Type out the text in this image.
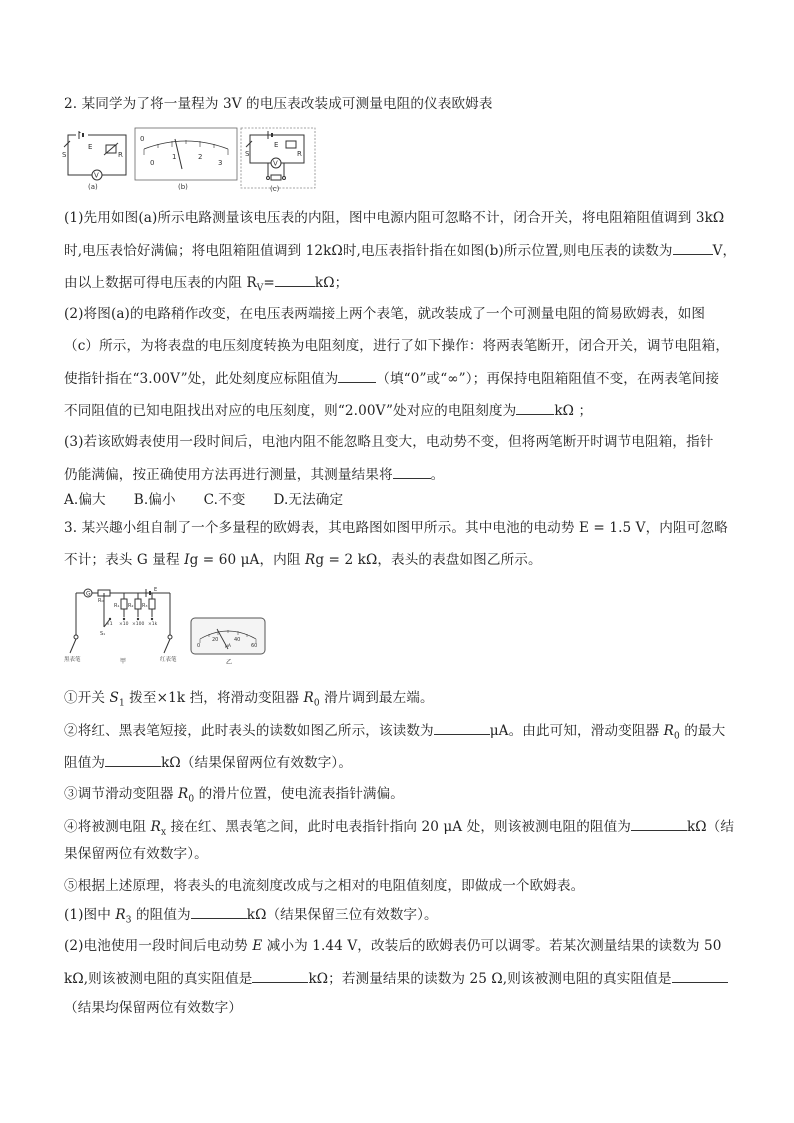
2. 某同学为了将一量程为 3V 的电压表改装成可测量电阻的仪表欧姆表
V
E
S	R
(a)
0
0
1	2
3
(b)
V
E
S	R
(c)
(1)先用如图(a)所示电路测量该电压表的内阻，图中电源内阻可忽略不计，闭合开关，将电阻箱阻值调到 3kΩ
时,电压表恰好满偏；将电阻箱阻值调到 12kΩ时,电压表指针指在如图(b)所示位置,则电压表的读数为	V，
由以上数据可得电压表的内阻 $R_V=$	kΩ；
(2)将图(a)的电路稍作改变，在电压表两端接上两个表笔，就改装成了一个可测量电阻的简易欧姆表，如图
（c）所示，为将表盘的电压刻度转换为电阻刻度，进行了如下操作：将两表笔断开，闭合开关，调节电阻箱，
使指针指在“3.00V”处，此处刻度应标阻值为	（填“0”或“∞”）；再保持电阻箱阻值不变，在两表笔间接
不同阻值的已知电阻找出对应的电压刻度，则“2.00V”处对应的电阻刻度为	kΩ ；
(3)若该欧姆表使用一段时间后，电池内阻不能忽略且变大，电动势不变，但将两笔断开时调节电阻箱，指针
仍能满偏，按正确使用方法再进行测量，其测量结果将	。
A.偏大 B.偏小 C.不变 D.无法确定
3. 某兴趣小组自制了一个多量程的欧姆表，其电路图如图甲所示。其中电池的电动势 E = 1.5 V，内阻可忽略
不计；表头 G 量程 Ig = 60 μA，内阻 Rg = 2 kΩ，表头的表盘如图乙所示。
G
R₀
E
R₁ R₂ R₃
×1 ×10 ×100 ×1k
S₁
黑表笔	红表笔
甲
0
20	40
60
μA
乙
①开关 $S_1$ 拨至×1k 挡，将滑动变阻器 $R_0$ 滑片调到最左端。
②将红、黑表笔短接，此时表头的读数如图乙所示，该读数为	μA。由此可知，滑动变阻器 $R_0$ 的最大
阻值为	kΩ（结果保留两位有效数字）。
③调节滑动变阻器 $R_0$ 的滑片位置，使电流表指针满偏。
④将被测电阻 $R_x$ 接在红、黑表笔之间，此时电表指针指向 20 μA 处，则该被测电阻的阻值为	kΩ（结
果保留两位有效数字）。
⑤根据上述原理，将表头的电流刻度改成与之相对的电阻值刻度，即做成一个欧姆表。
(1)图中 $R_3$ 的阻值为	kΩ（结果保留三位有效数字）。
(2)电池使用一段时间后电动势 E 减小为 1.44 V，改装后的欧姆表仍可以调零。若某次测量结果的读数为 50
kΩ,则该被测电阻的真实阻值是	kΩ；若测量结果的读数为 25 Ω,则该被测电阻的真实阻值是
（结果均保留两位有效数字）
